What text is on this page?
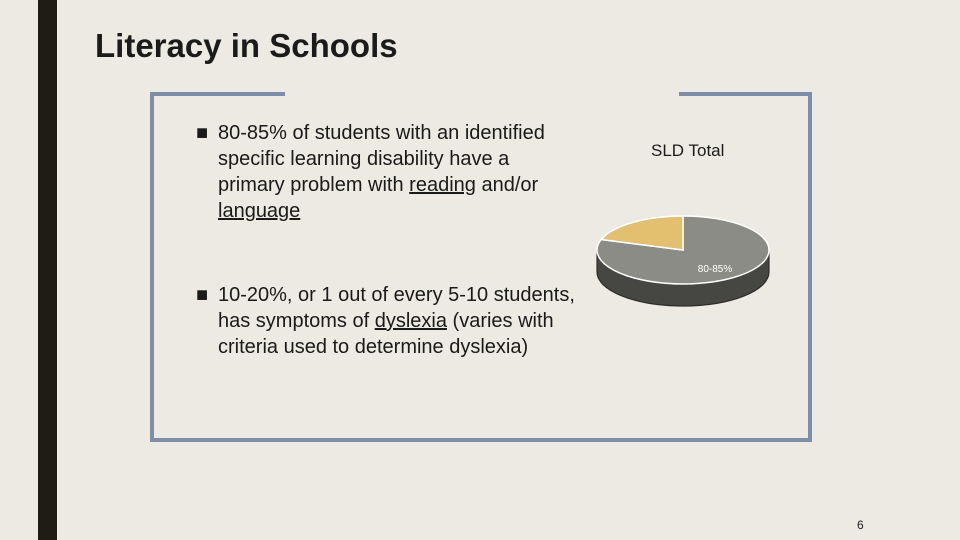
Literacy in Schools
■ 80-85% of students with an identified specific learning disability have a primary problem with reading and/or language
■ 10-20%, or 1 out of every 5-10 students, has symptoms of dyslexia (varies with criteria used to determine dyslexia)
SLD Total
80-85%
6
